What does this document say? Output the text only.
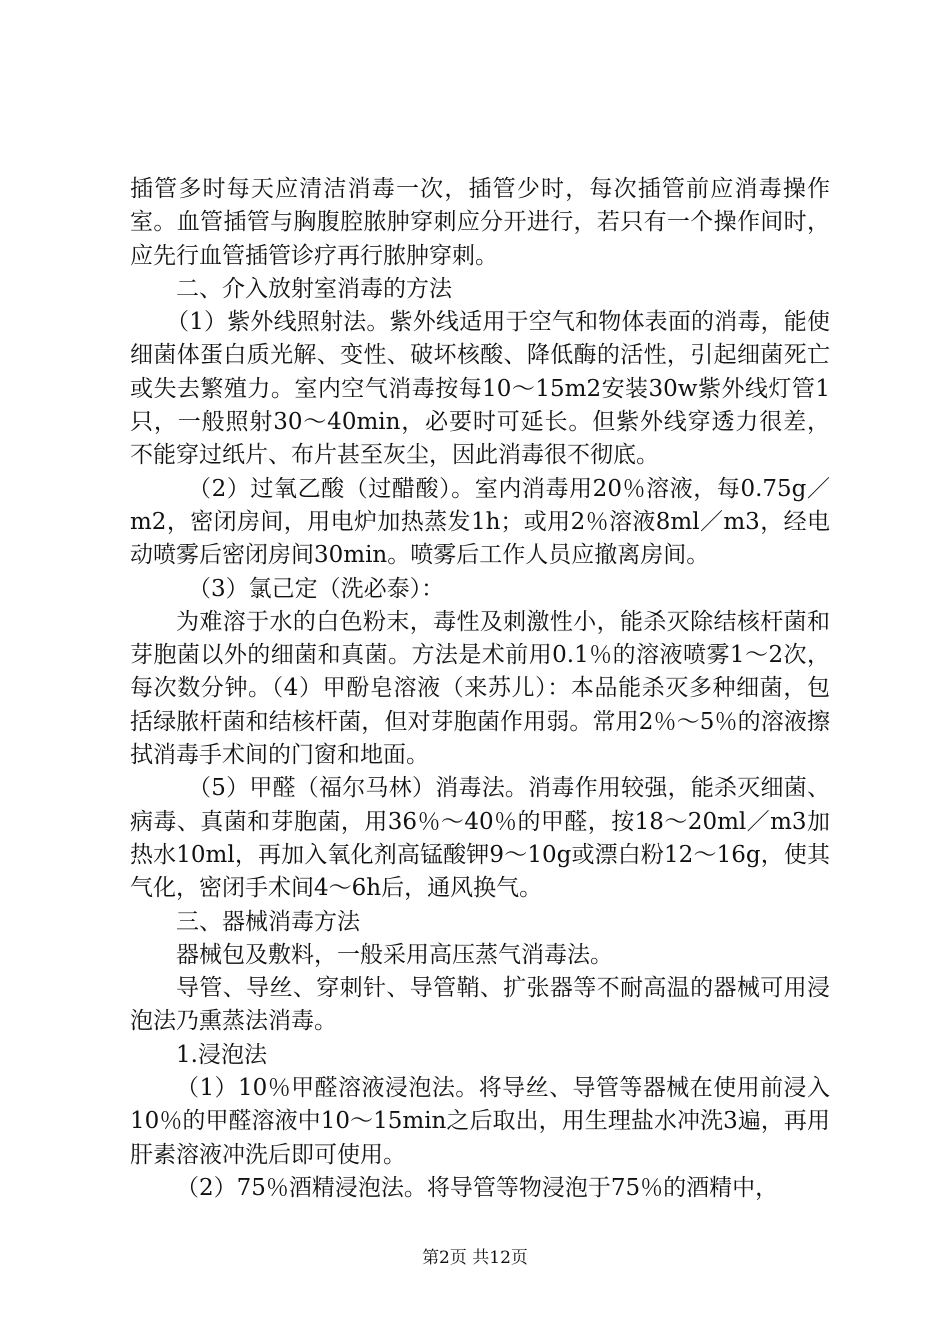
插管多时每天应清洁消毒一次，插管少时，每次插管前应消毒操作室。血管插管与胸腹腔脓肿穿刺应分开进行，若只有一个操作间时，应先行血管插管诊疗再行脓肿穿刺。

二、介入放射室消毒的方法

（1）紫外线照射法。紫外线适用于空气和物体表面的消毒，能使细菌体蛋白质光解、变性、破坏核酸、降低酶的活性，引起细菌死亡或失去繁殖力。室内空气消毒按每10～15m2安装30w紫外线灯管1只，一般照射30～40min，必要时可延长。但紫外线穿透力很差，不能穿过纸片、布片甚至灰尘，因此消毒很不彻底。

（2）过氧乙酸（过醋酸）。室内消毒用20％溶液，每0.75g／m2，密闭房间，用电炉加热蒸发1h；或用2％溶液8ml／m3，经电动喷雾后密闭房间30min。喷雾后工作人员应撤离房间。

（3）氯己定（洗必泰）：

为难溶于水的白色粉末，毒性及刺激性小，能杀灭除结核杆菌和芽胞菌以外的细菌和真菌。方法是术前用0.1％的溶液喷雾1～2次，每次数分钟。（4）甲酚皂溶液（来苏儿）：本品能杀灭多种细菌，包括绿脓杆菌和结核杆菌，但对芽胞菌作用弱。常用2％～5％的溶液擦拭消毒手术间的门窗和地面。

（5）甲醛（福尔马林）消毒法。消毒作用较强，能杀灭细菌、病毒、真菌和芽胞菌，用36％～40％的甲醛，按18～20ml／m3加热水10ml，再加入氧化剂高锰酸钾9～10g或漂白粉12～16g，使其气化，密闭手术间4～6h后，通风换气。

三、器械消毒方法

器械包及敷料，一般采用高压蒸气消毒法。

导管、导丝、穿刺针、导管鞘、扩张器等不耐高温的器械可用浸泡法乃熏蒸法消毒。

1.浸泡法

（1）10％甲醛溶液浸泡法。将导丝、导管等器械在使用前浸入10％的甲醛溶液中10～15min之后取出，用生理盐水冲洗3遍，再用肝素溶液冲洗后即可使用。

（2）75％酒精浸泡法。将导管等物浸泡于75％的酒精中，

第2页 共12页
